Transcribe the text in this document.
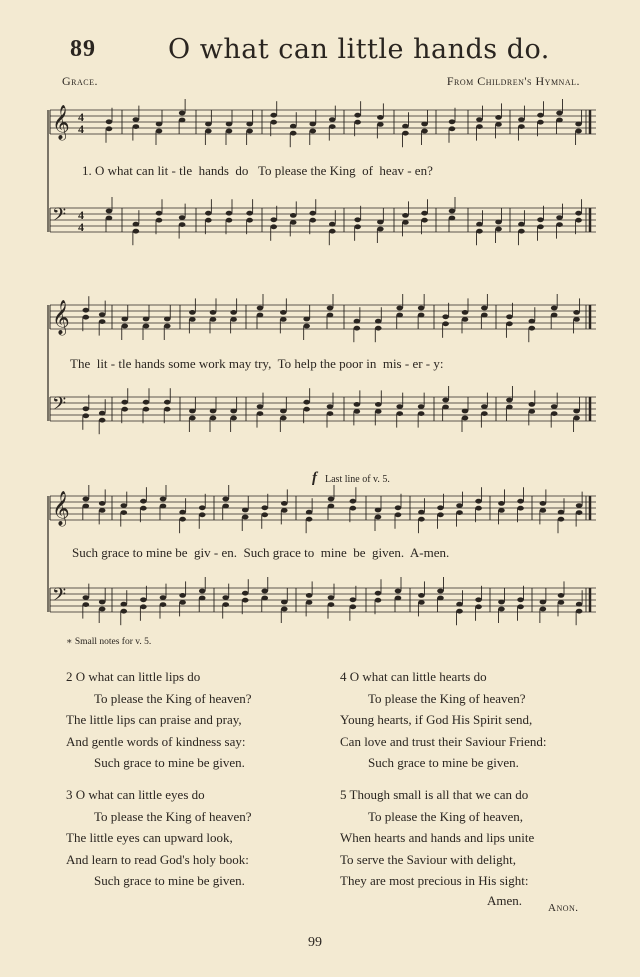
89	O what can little hands do.
Grace.	From Children's Hymnal.
𝄞 4
4
𝄢 4
4
𝄞
𝄢
𝄞
𝄢
1. O what can lit - tle  hands  do   To please the King  of  heav - en?
The  lit - tle hands some work may try,  To help the poor in  mis - er - y:
Such grace to mine be  giv - en.  Such grace to  mine  be  given.  A-men.
f Last line of v. 5.
∗ Small notes for v. 5.
2 O what can little lips do
To please the King of heaven?
The little lips can praise and pray,
And gentle words of kindness say:
Such grace to mine be given.
4 O what can little hearts do
To please the King of heaven?
Young hearts, if God His Spirit send,
Can love and trust their Saviour Friend:
Such grace to mine be given.
3 O what can little eyes do
To please the King of heaven?
The little eyes can upward look,
And learn to read God's holy book:
Such grace to mine be given.
5 Though small is all that we can do
To please the King of heaven,
When hearts and hands and lips unite
To serve the Saviour with delight,
They are most precious in His sight:
Amen. Anon.
99
